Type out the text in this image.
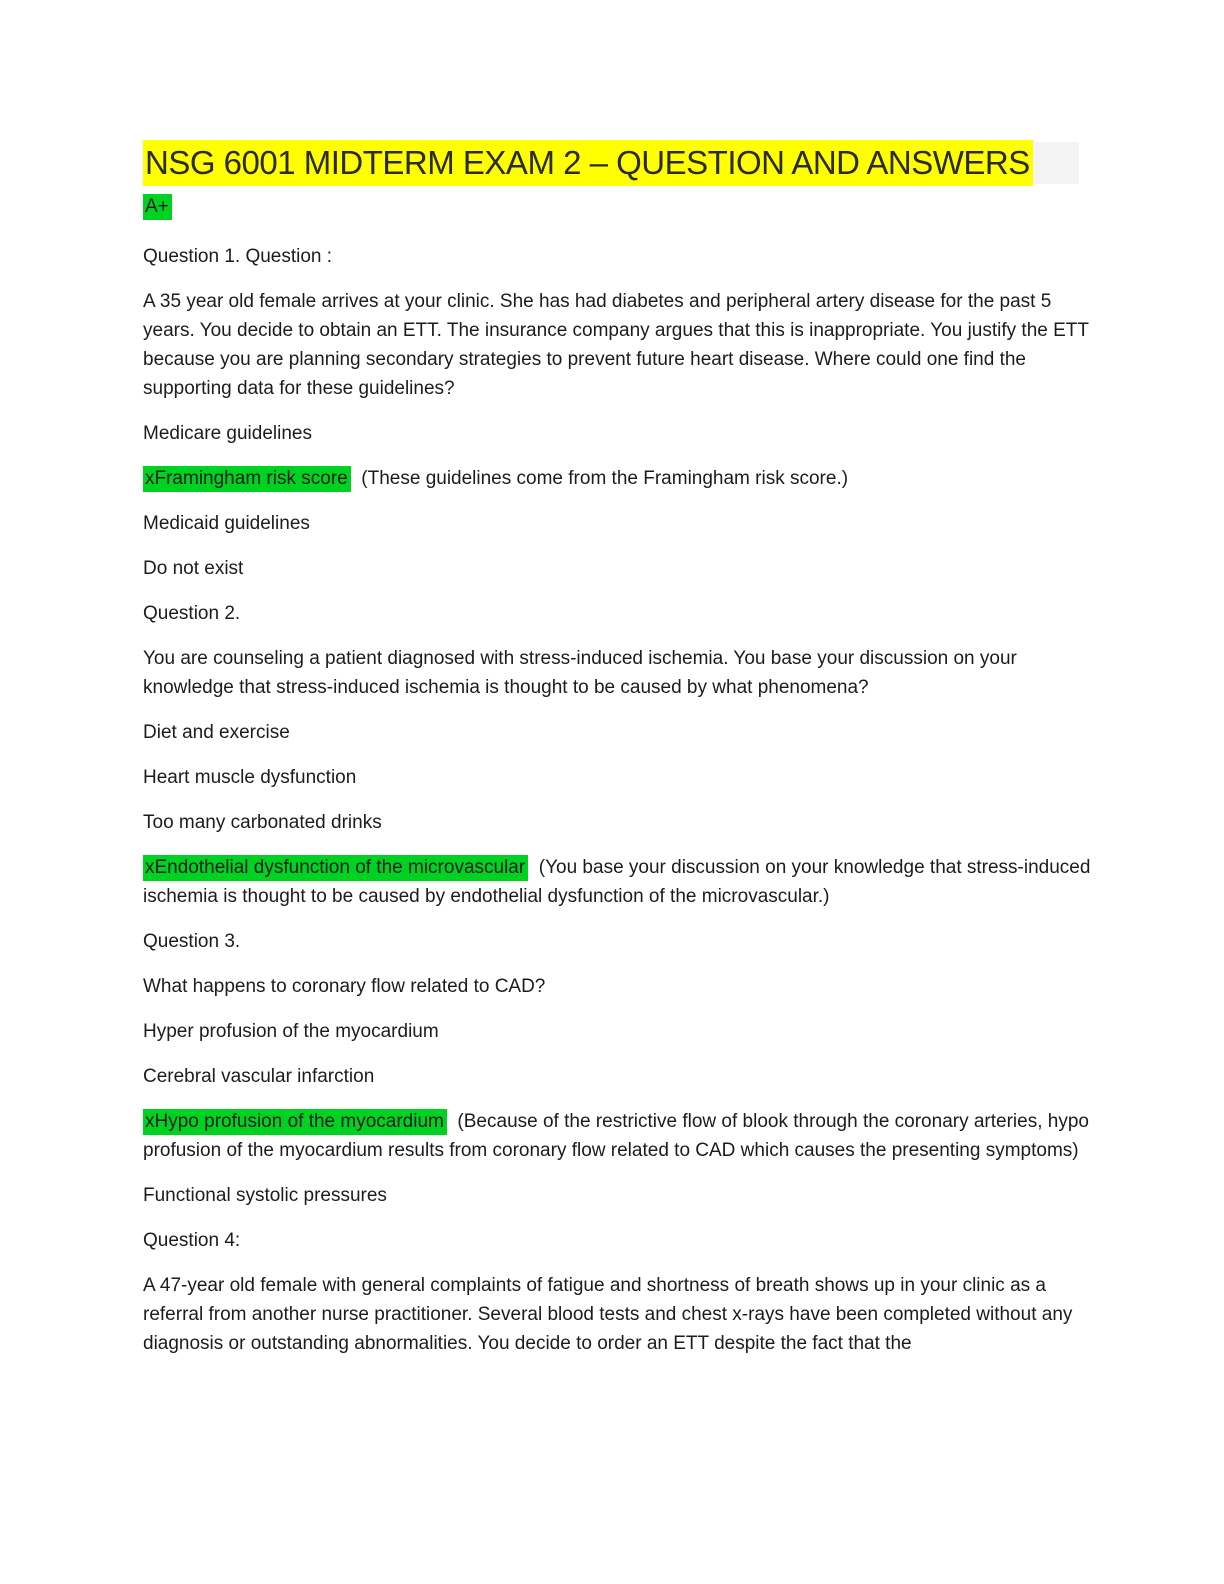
NSG 6001 MIDTERM EXAM 2 – QUESTION AND ANSWERS

A+

Question 1. Question :

A 35 year old female arrives at your clinic. She has had diabetes and peripheral artery disease for the past 5 years. You decide to obtain an ETT. The insurance company argues that this is inappropriate. You justify the ETT because you are planning secondary strategies to prevent future heart disease. Where could one find the supporting data for these guidelines?

Medicare guidelines

xFramingham risk score  (These guidelines come from the Framingham risk score.)

Medicaid guidelines

Do not exist

Question 2.

You are counseling a patient diagnosed with stress-induced ischemia. You base your discussion on your knowledge that stress-induced ischemia is thought to be caused by what phenomena?

Diet and exercise

Heart muscle dysfunction

Too many carbonated drinks

xEndothelial dysfunction of the microvascular  (You base your discussion on your knowledge that stress-induced ischemia is thought to be caused by endothelial dysfunction of the microvascular.)

Question 3.

What happens to coronary flow related to CAD?

Hyper profusion of the myocardium

Cerebral vascular infarction

xHypo profusion of the myocardium  (Because of the restrictive flow of blook through the coronary arteries, hypo profusion of the myocardium results from coronary flow related to CAD which causes the presenting symptoms)

Functional systolic pressures

Question 4:

A 47-year old female with general complaints of fatigue and shortness of breath shows up in your clinic as a referral from another nurse practitioner. Several blood tests and chest x-rays have been completed without any diagnosis or outstanding abnormalities. You decide to order an ETT despite the fact that the
